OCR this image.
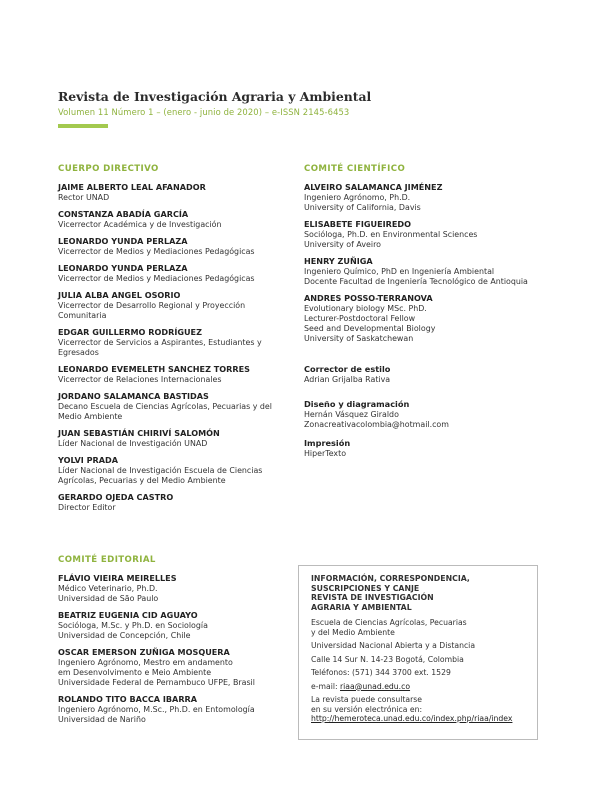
Revista de Investigación Agraria y Ambiental
Volumen 11 Número 1 – (enero - junio de 2020) – e-ISSN 2145-6453
CUERPO DIRECTIVO
JAIME ALBERTO LEAL AFANADOR
Rector UNAD
CONSTANZA ABADÍA GARCÍA
Vicerrector Académica y de Investigación
LEONARDO YUNDA PERLAZA
Vicerrector de Medios y Mediaciones Pedagógicas
LEONARDO YUNDA PERLAZA
Vicerrector de Medios y Mediaciones Pedagógicas
JULIA ALBA ANGEL OSORIO
Vicerrector de Desarrollo Regional y Proyección
Comunitaria
EDGAR GUILLERMO RODRÍGUEZ
Vicerrector de Servicios a Aspirantes, Estudiantes y
Egresados
LEONARDO EVEMELETH SANCHEZ TORRES
Vicerrector de Relaciones Internacionales
JORDANO SALAMANCA BASTIDAS
Decano Escuela de Ciencias Agrícolas, Pecuarias y del
Medio Ambiente
JUAN SEBASTIÁN CHIRIVÍ SALOMÓN
Líder Nacional de Investigación UNAD
YOLVI PRADA
Líder Nacional de Investigación Escuela de Ciencias
Agrícolas, Pecuarias y del Medio Ambiente
GERARDO OJEDA CASTRO
Director Editor
COMITÉ CIENTÍFICO
ALVEIRO SALAMANCA JIMÉNEZ
Ingeniero Agrónomo, Ph.D.
University of California, Davis
ELISABETE FIGUEIREDO
Sociólogа, Ph.D. en Environmental Sciences
University of Aveiro
HENRY ZUÑIGA
Ingeniero Químico, PhD en Ingeniería Ambiental
Docente Facultad de Ingeniería Tecnológico de Antioquia
ANDRES POSSO-TERRANOVA
Evolutionary biology MSc. PhD.
Lecturer-Postdoctoral Fellow
Seed and Developmental Biology
University of Saskatchewan
Corrector de estilo
Adrian Grijalba Rativa
Diseño y diagramación
Hernán Vásquez Giraldo
Zonacreativacolombia@hotmail.com
Impresión
HiperTexto
COMITÉ EDITORIAL
FLÁVIO VIEIRA MEIRELLES
Médico Veterinario, Ph.D.
Universidad de São Paulo
BEATRIZ EUGENIA CID AGUAYO
Sociólogа, M.Sc. y Ph.D. en Sociología
Universidad de Concepción, Chile
OSCAR EMERSON ZUÑIGA MOSQUERA
Ingeniero Agrónomo, Mestro em andamento
em Desenvolvimento e Meio Ambiente
Universidade Federal de Pernambuco UFPE, Brasil
ROLANDO TITO BACCA IBARRA
Ingeniero Agrónomo, M.Sc., Ph.D. en Entomología
Universidad de Nariño
INFORMACIÓN, CORRESPONDENCIA,
SUSCRIPCIONES Y CANJE
REVISTA DE INVESTIGACIÓN
AGRARIA Y AMBIENTAL
Escuela de Ciencias Agrícolas, Pecuarias
y del Medio Ambiente
Universidad Nacional Abierta y a Distancia
Calle 14 Sur N. 14-23 Bogotá, Colombia
Teléfonos: (571) 344 3700 ext. 1529
e-mail: riaa@unad.edu.co
La revista puede consultarse
en su versión electrónica en:
http://hemeroteca.unad.edu.co/index.php/riaa/index
